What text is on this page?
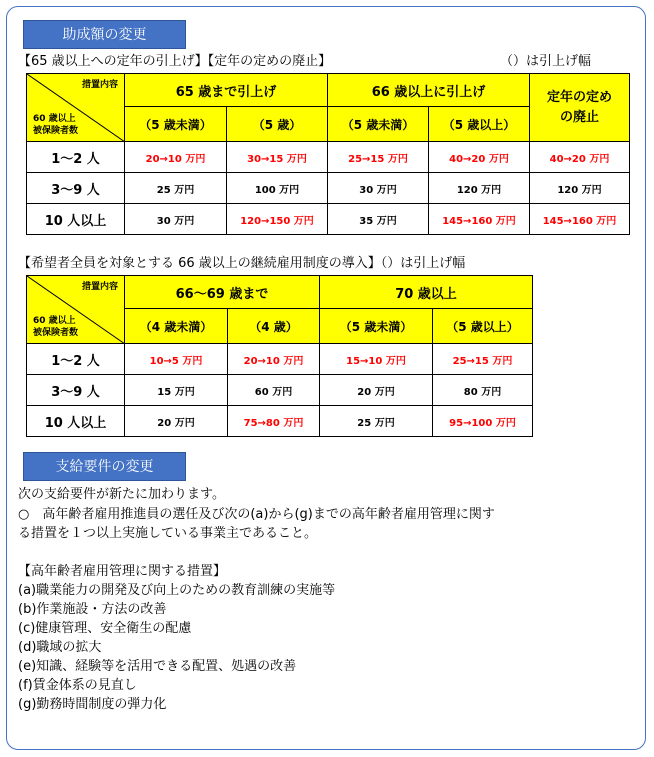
助成額の変更
【65 歳以上への定年の引上げ】【定年の定めの廃止】	（）は引上げ幅
措置内容
60 歳以上
被保険者数	65 歳まで引上げ		66 歳以上に引上げ		定年の定め
の廃止
	（5 歳未満）	（5 歳）	（5 歳未満）	（5 歳以上）	
1～2 人	20→10 万円	30→15 万円	25→15 万円	40→20 万円	40→20 万円
3～9 人	25 万円	100 万円	30 万円	120 万円	120 万円
10 人以上	30 万円	120→150 万円	35 万円	145→160 万円	145→160 万円
【希望者全員を対象とする 66 歳以上の継続雇用制度の導入】（）は引上げ幅
措置内容
60 歳以上
被保険者数	66～69 歳まで		70 歳以上	
	（4 歳未満）	（4 歳）	（5 歳未満）	（5 歳以上）
1～2 人	10→5 万円	20→10 万円	15→10 万円	25→15 万円
3～9 人	15 万円	60 万円	20 万円	80 万円
10 人以上	20 万円	75→80 万円	25 万円	95→100 万円
支給要件の変更
次の支給要件が新たに加わります。
○　高年齢者雇用推進員の選任及び次の(a)から(g)までの高年齢者雇用管理に関す
る措置を１つ以上実施している事業主であること。
【高年齢者雇用管理に関する措置】
(a)職業能力の開発及び向上のための教育訓練の実施等
(b)作業施設・方法の改善
(c)健康管理、安全衛生の配慮
(d)職域の拡大
(e)知識、経験等を活用できる配置、処遇の改善
(f)賃金体系の見直し
(g)勤務時間制度の弾力化
